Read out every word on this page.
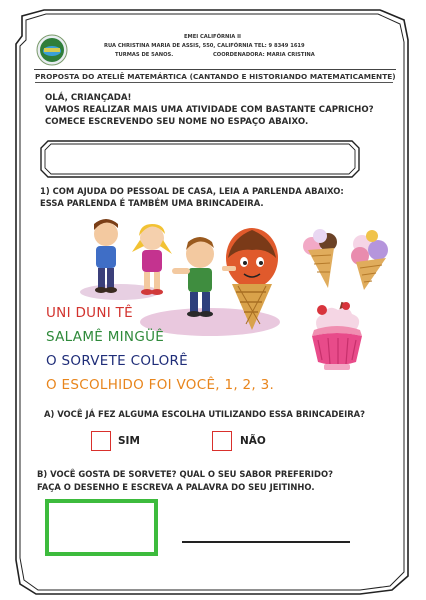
EMEI CALIFÓRNIA II
RUA CHRISTINA MARIA DE ASSIS, 550, CALIFÓRNIA TEL: 9 8349 1619
TURMAS DE 5ANOS.	COORDENADORA: MARIA CRISTINA
PROPOSTA DO ATELIÊ MATEMÁRTICA (CANTANDO E HISTORIANDO MATEMATICAMENTE)
OLÁ, CRIANÇADA!
VAMOS REALIZAR MAIS UMA ATIVIDADE COM BASTANTE CAPRICHO?
COMECE ESCREVENDO SEU NOME NO ESPAÇO ABAIXO.
1) COM AJUDA DO PESSOAL DE CASA, LEIA A PARLENDA ABAIXO:
ESSA PARLENDA É TAMBÉM UMA BRINCADEIRA.
UNI DUNI TÊ
SALAMÊ MINGÜÊ
O SORVETE COLORÊ
O ESCOLHIDO FOI VOCÊ, 1, 2, 3.
A) VOCÊ JÁ FEZ ALGUMA ESCOLHA UTILIZANDO ESSA BRINCADEIRA?
SIM	NÃO
B) VOCÊ GOSTA DE SORVETE? QUAL O SEU SABOR PREFERIDO?
FAÇA O DESENHO E ESCREVA A PALAVRA DO SEU JEITINHO.
